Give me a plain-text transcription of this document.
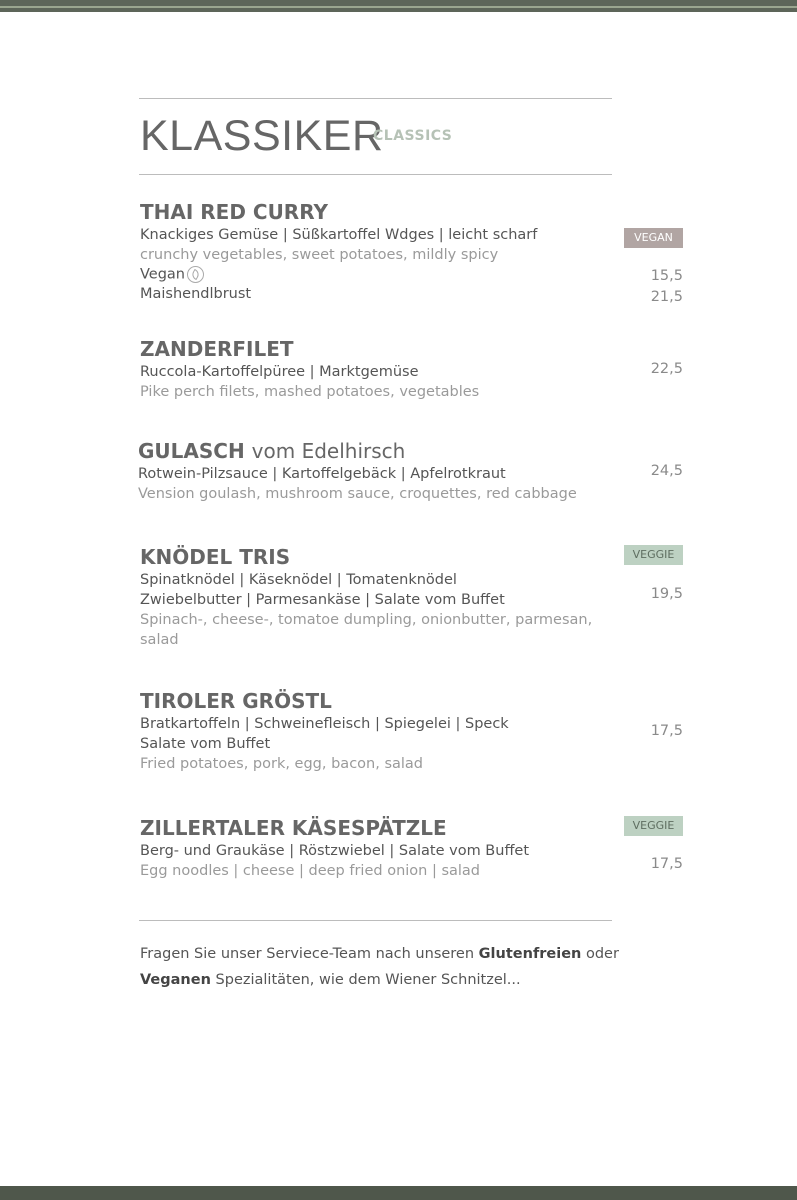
KLASSIKER
CLASSICS
THAI RED CURRY
VEGAN
Knackiges Gemüse | Süßkartoffel Wdges | leicht scharf
crunchy vegetables, sweet potatoes, mildly spicy
Vegan	15,5
Maishendlbrust	21,5
ZANDERFILET
Ruccola-Kartoffelpüree | Marktgemüse
Pike perch filets, mashed potatoes, vegetables
22,5
GULASCH vom Edelhirsch
Rotwein-Pilzsauce | Kartoffelgebäck | Apfelrotkraut
Vension goulash, mushroom sauce, croquettes, red cabbage
24,5
KNÖDEL TRIS	VEGGIE
Spinatknödel | Käseknödel | Tomatenknödel
Zwiebelbutter | Parmesankäse | Salate vom Buffet
Spinach-, cheese-, tomatoe dumpling, onionbutter, parmesan,
salad
19,5
TIROLER GRÖSTL
Bratkartoffeln | Schweinefleisch | Spiegelei | Speck
Salate vom Buffet
Fried potatoes, pork, egg, bacon, salad
17,5
ZILLERTALER KÄSESPÄTZLE	VEGGIE
Berg- und Graukäse | Röstzwiebel | Salate vom Buffet
Egg noodles | cheese | deep fried onion | salad	17,5
Fragen Sie unser Serviece-Team nach unseren Glutenfreien oder
Veganen Spezialitäten, wie dem Wiener Schnitzel...
